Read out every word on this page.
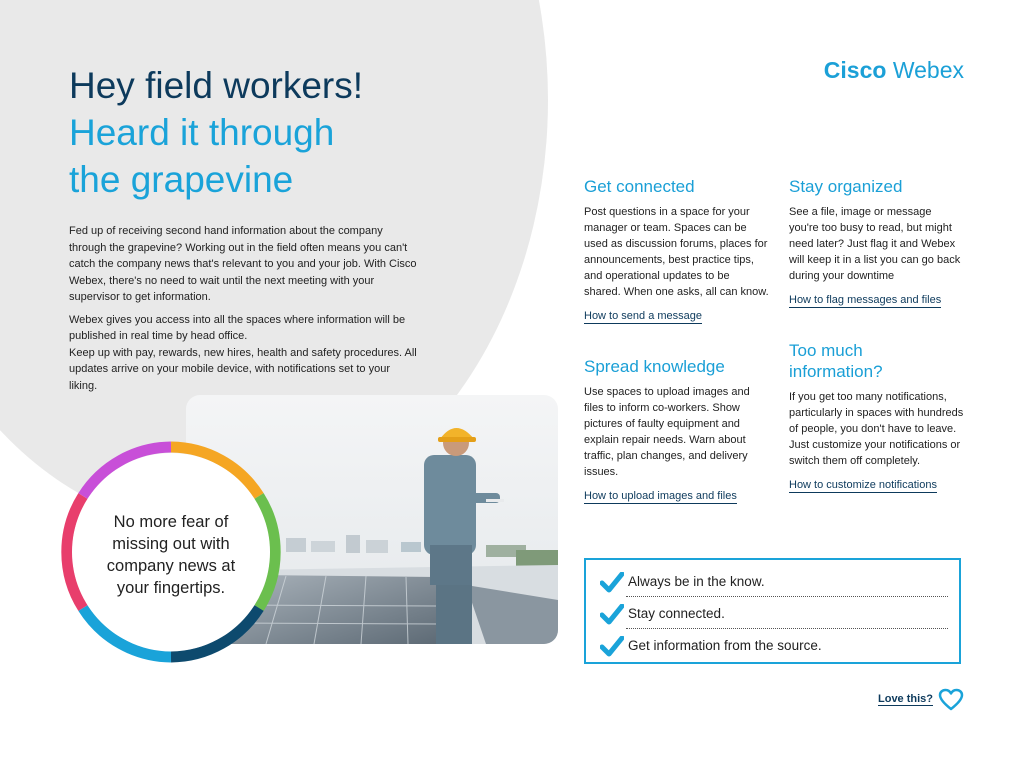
Hey field workers!
Heard it through
the grapevine
Cisco Webex

Fed up of receiving second hand information about the company through the grapevine? Working out in the field often means you can't catch the company news that's relevant to you and your job. With Cisco Webex, there's no need to wait until the next meeting with your supervisor to get information.

Webex gives you access into all the spaces where information will be published in real time by head office.

Keep up with pay, rewards, new hires, health and safety procedures. All updates arrive on your mobile device, with notifications set to your liking.

No more fear of missing out with company news at your fingertips.
Get connected

Post questions in a space for your manager or team. Spaces can be used as discussion forums, places for announcements, best practice tips, and operational updates to be shared. When one asks, all can know.

How to send a message
Spread knowledge

Use spaces to upload images and files to inform co-workers. Show pictures of faulty equipment and explain repair needs. Warn about traffic, plan changes, and delivery issues.

How to upload images and files
Stay organized

See a file, image or message you're too busy to read, but might need later? Just flag it and Webex will keep it in a list you can go back during your downtime

How to flag messages and files
Too much information?

If you get too many notifications, particularly in spaces with hundreds of people, you don't have to leave. Just customize your notifications or switch them off completely.

How to customize notifications
Always be in the know.
Stay connected.
Get information from the source.
Love this?
